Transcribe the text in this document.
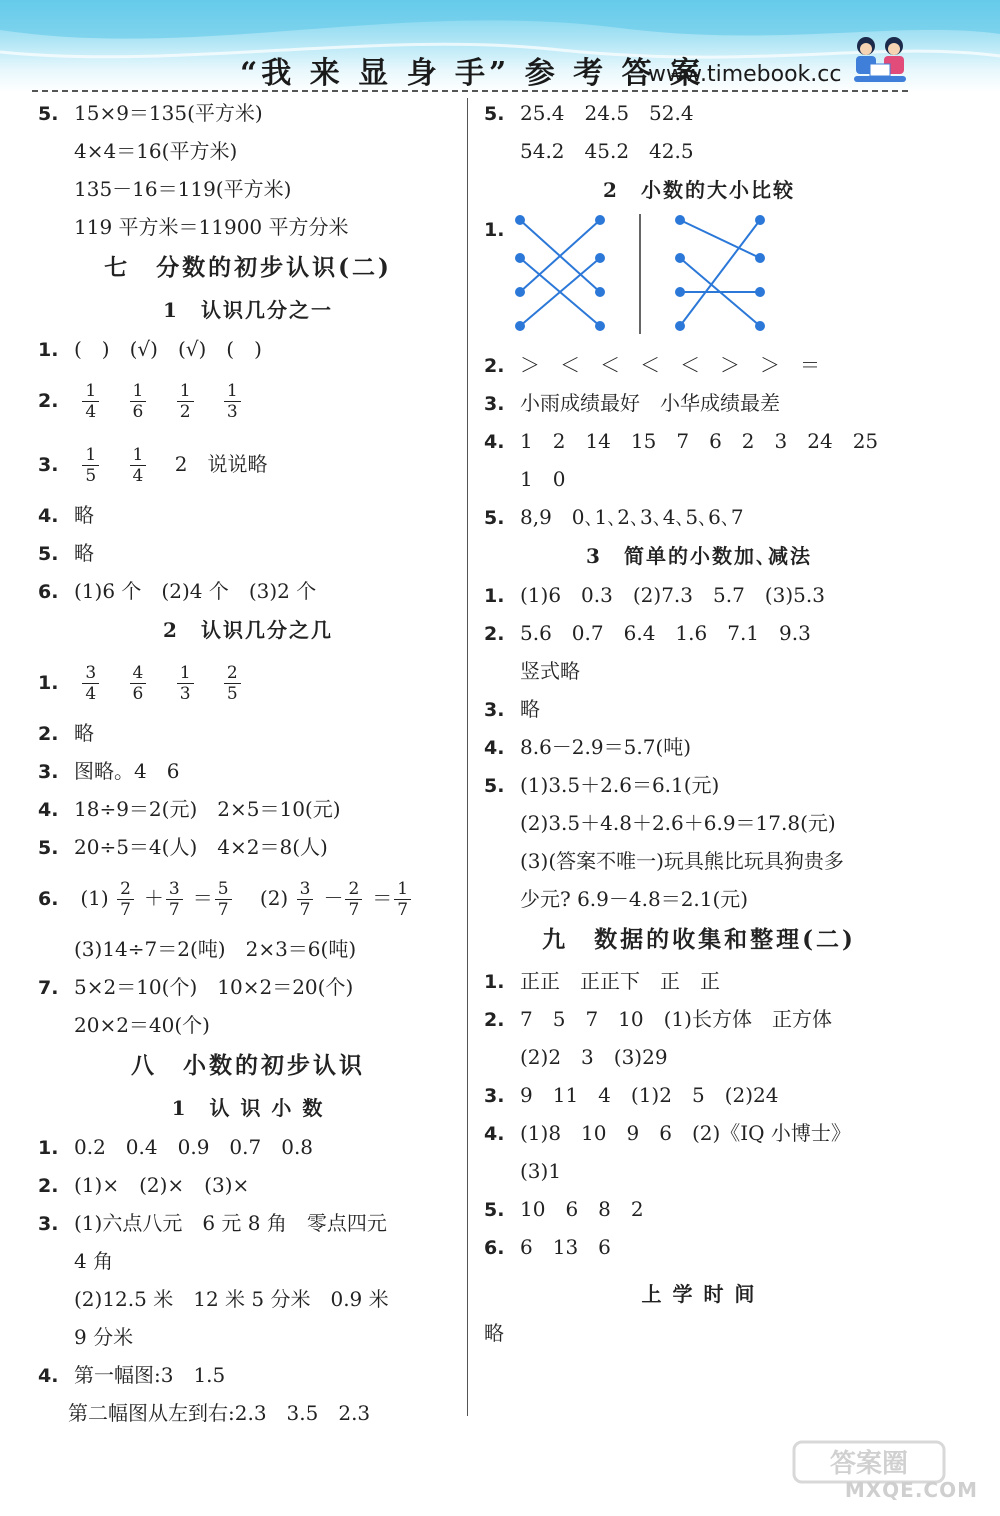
“我 来 显 身 手” 参 考 答 案
www.timebook.cc
5. 15×9＝135(平方米)
4×4＝16(平方米)
135－16＝119(平方米)
119 平方米＝11900 平方分米
七　分数的初步认识(二)
1　认识几分之一
1. (　)　(√)　(√)　(　)
2. $\frac{1}{4}$
$\frac{1}{6}$
$\frac{1}{2}$
$\frac{1}{3}$
3. $\frac{1}{5}$
$\frac{1}{4} 2$　说说略
4. 略
5. 略
6. (1)6 个　(2)4 个　(3)2 个
2　认识几分之几
1. $\frac{3}{4}$
$\frac{4}{6}$
$\frac{1}{3}$
$\frac{2}{5}$
2. 略
3. 图略。4　6
4. 18÷9＝2(元)　2×5＝10(元)
5. 20÷5＝4(人)　4×2＝8(人)
6. $(1) \frac{2}{7} + \frac{3}{7} = \frac{5}{7} (2) \frac{3}{7} - \frac{2}{7} = \frac{1}{7}$
(3)14÷7＝2(吨)　2×3＝6(吨)
7. 5×2＝10(个)　10×2＝20(个)
20×2＝40(个)
八　小数的初步认识
1　认 识 小 数
1. 0.2　0.4　0.9　0.7　0.8
2. (1)×　(2)×　(3)×
3. (1)六点八元　6 元 8 角　零点四元
4 角
(2)12.5 米　12 米 5 分米　0.9 米
9 分米
4. 第一幅图:3　1.5
第二幅图从左到右:2.3　3.5　2.3
5. 25.4　24.5　52.4
54.2　45.2　42.5
2　小数的大小比较
1.
2. ＞　＜　＜　＜　＜　＞　＞　＝
3. 小雨成绩最好　小华成绩最差
4. 1　2　14　15　7　6　2　3　24　25
1　0
5. 8,9　0､1､2､3､4､5､6､7
3　简单的小数加､减法
1. (1)6　0.3　(2)7.3　5.7　(3)5.3
2. 5.6　0.7　6.4　1.6　7.1　9.3
竖式略
3. 略
4. 8.6－2.9＝5.7(吨)
5. (1)3.5＋2.6＝6.1(元)
(2)3.5＋4.8＋2.6＋6.9＝17.8(元)
(3)(答案不唯一)玩具熊比玩具狗贵多
少元? 6.9－4.8＝2.1(元)
九　数据的收集和整理(二)
1. 正正　正正下　正　正
2. 7　5　7　10　(1)长方体　正方体
(2)2　3　(3)29
3. 9　11　4　(1)2　5　(2)24
4. (1)8　10　9　6　(2)《IQ 小博士》
(3)1
5. 10　6　8　2
6. 6　13　6
上 学 时 间
略
答案圈
MXQE.COM
